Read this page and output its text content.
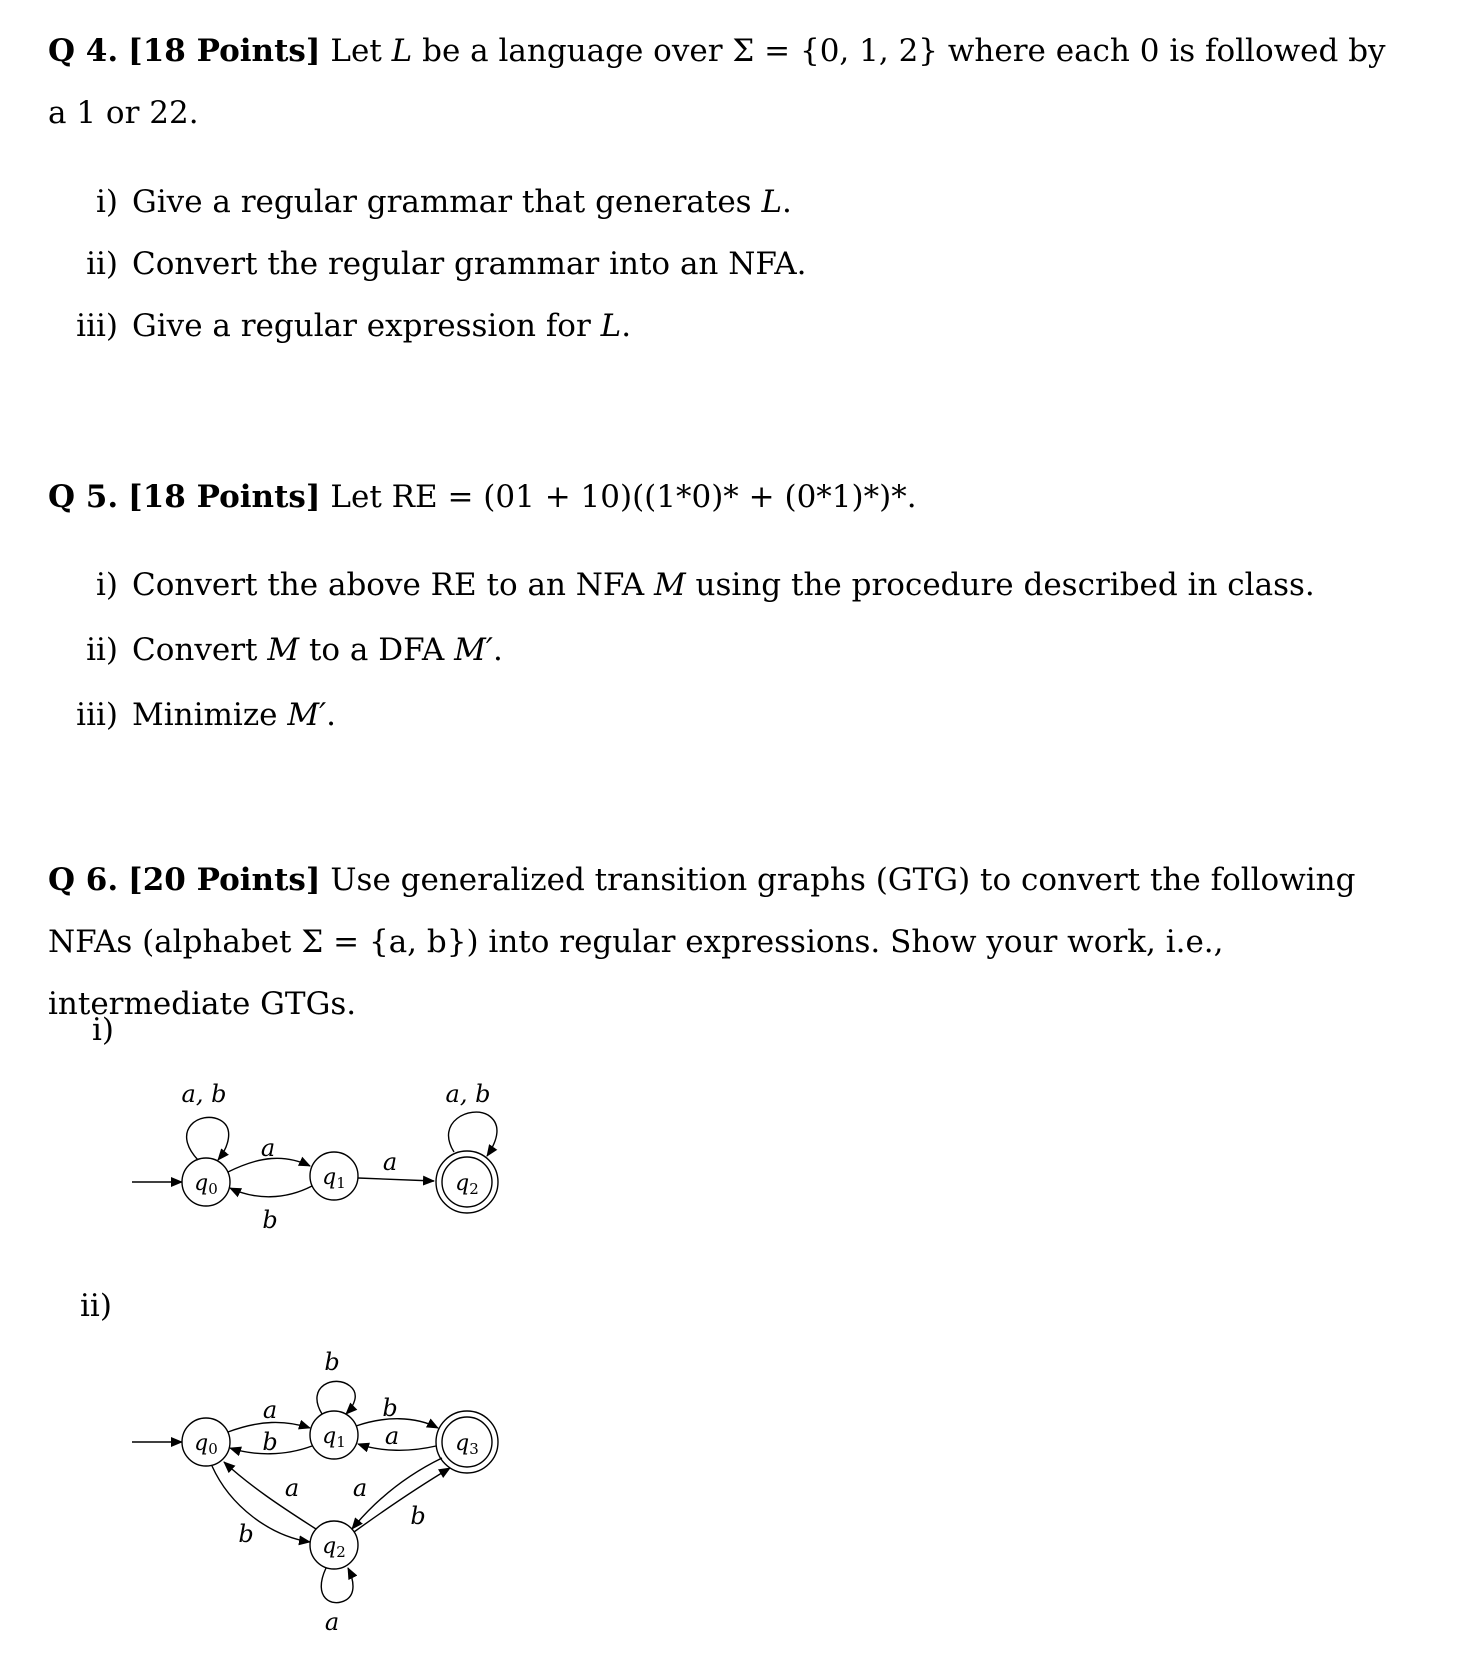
Q 4. [18 Points] Let L be a language over Σ = {0, 1, 2} where each 0 is followed by a 1 or 22.
i) Give a regular grammar that generates L.
ii) Convert the regular grammar into an NFA.
iii) Give a regular expression for L.
Q 5. [18 Points] Let RE = (01 + 10)((1*0)* + (0*1)*)*.
i) Convert the above RE to an NFA M using the procedure described in class.
ii) Convert M to a DFA M′.
iii) Minimize M′.
Q 6. [20 Points] Use generalized transition graphs (GTG) to convert the following NFAs (alphabet Σ = {a, b}) into regular expressions. Show your work, i.e., intermediate GTGs.
i)
ii)
q0	q1	q2
a, b
a
b
a
a, b
q0	q1
q2
q3
b
a
b
b
a
a
b
a
b
a
